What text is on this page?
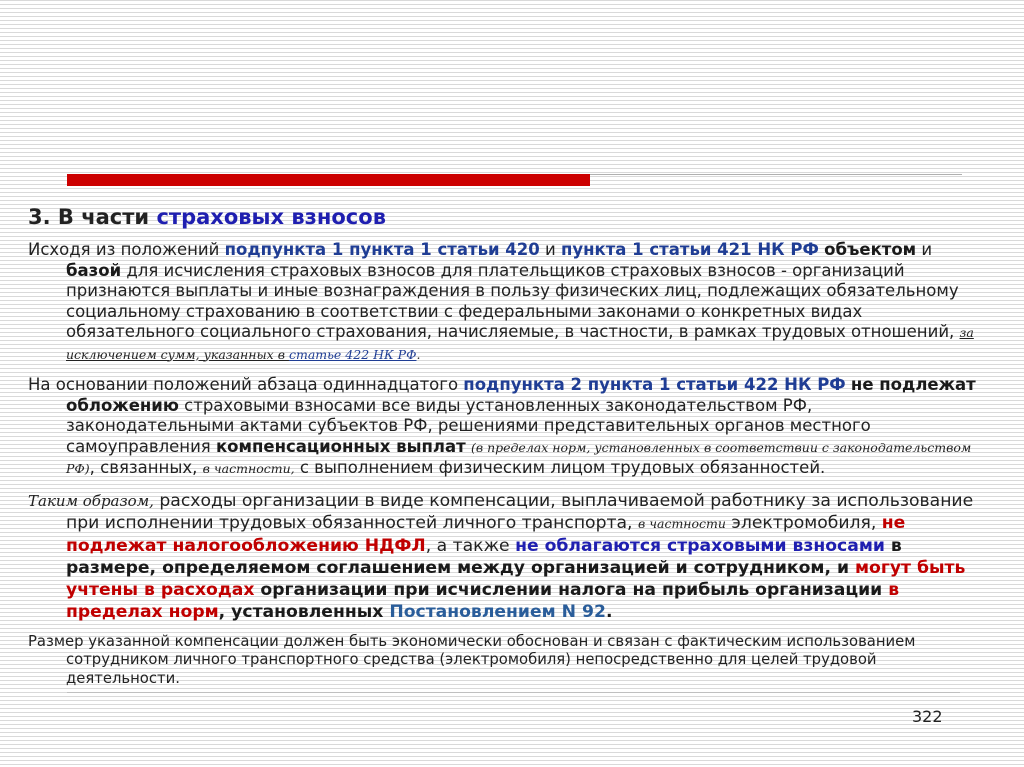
3. В части страховых взносов

Исходя из положений подпункта 1 пункта 1 статьи 420 и пункта 1 статьи 421 НК РФ объектом и базой для исчисления страховых взносов для плательщиков страховых взносов - организаций признаются выплаты и иные вознаграждения в пользу физических лиц, подлежащих обязательному социальному страхованию в соответствии с федеральными законами о конкретных видах обязательного социального страхования, начисляемые, в частности, в рамках трудовых отношений, за исключением сумм, указанных в статье 422 НК РФ.

На основании положений абзаца одиннадцатого подпункта 2 пункта 1 статьи 422 НК РФ не подлежат обложению страховыми взносами все виды установленных законодательством РФ, законодательными актами субъектов РФ, решениями представительных органов местного самоуправления компенсационных выплат (в пределах норм, установленных в соответствии с законодательством РФ), связанных, в частности, с выполнением физическим лицом трудовых обязанностей.

Таким образом, расходы организации в виде компенсации, выплачиваемой работнику за использование при исполнении трудовых обязанностей личного транспорта, в частности электромобиля, не подлежат налогообложению НДФЛ, а также не облагаются страховыми взносами в размере, определяемом соглашением между организацией и сотрудником, и могут быть учтены в расходах организации при исчислении налога на прибыль организации в пределах норм, установленных Постановлением N 92.

Размер указанной компенсации должен быть экономически обоснован и связан с фактическим использованием сотрудником личного транспортного средства (электромобиля) непосредственно для целей трудовой деятельности.

322
